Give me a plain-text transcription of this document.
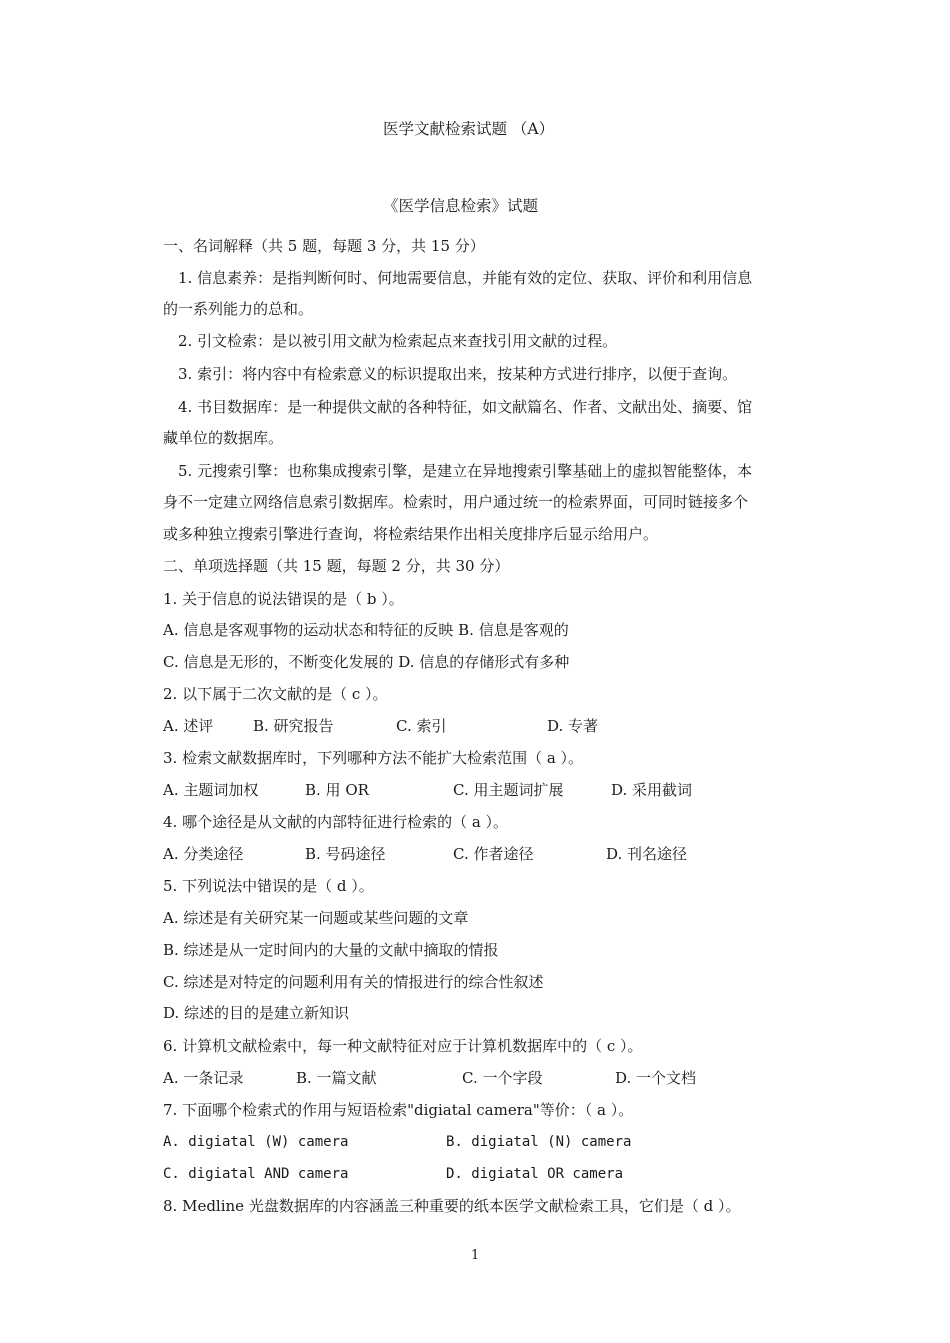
医学文献检索试题 （A）
《医学信息检索》试题
一、名词解释（共 5 题，每题 3 分，共 15 分）
1. 信息素养：是指判断何时、何地需要信息，并能有效的定位、获取、评价和利用信息
的一系列能力的总和。
2. 引文检索：是以被引用文献为检索起点来查找引用文献的过程。
3. 索引：将内容中有检索意义的标识提取出来，按某种方式进行排序，以便于查询。
4. 书目数据库：是一种提供文献的各种特征，如文献篇名、作者、文献出处、摘要、馆
藏单位的数据库。
5. 元搜索引擎：也称集成搜索引擎，是建立在异地搜索引擎基础上的虚拟智能整体，本
身不一定建立网络信息索引数据库。检索时，用户通过统一的检索界面，可同时链接多个
或多种独立搜索引擎进行查询，将检索结果作出相关度排序后显示给用户。
二、单项选择题（共 15 题，每题 2 分，共 30 分）
1. 关于信息的说法错误的是（ b ）。
A. 信息是客观事物的运动状态和特征的反映 B. 信息是客观的
C. 信息是无形的，不断变化发展的 D. 信息的存储形式有多种
2. 以下属于二次文献的是（ c ）。
A. 述评	B. 研究报告	C. 索引	D. 专著
3. 检索文献数据库时，下列哪种方法不能扩大检索范围（ a ）。
A. 主题词加权	B. 用 OR	C. 用主题词扩展	D. 采用截词
4. 哪个途径是从文献的内部特征进行检索的（ a ）。
A. 分类途径	B. 号码途径	C. 作者途径	D. 刊名途径
5. 下列说法中错误的是（ d ）。
A. 综述是有关研究某一问题或某些问题的文章
B. 综述是从一定时间内的大量的文献中摘取的情报
C. 综述是对特定的问题利用有关的情报进行的综合性叙述
D. 综述的目的是建立新知识
6. 计算机文献检索中，每一种文献特征对应于计算机数据库中的（ c ）。
A. 一条记录	B. 一篇文献	C. 一个字段	D. 一个文档
7. 下面哪个检索式的作用与短语检索"digiatal camera"等价：（ a ）。
A. digiatal (W) camera	B. digiatal (N) camera
C. digiatal AND camera	D. digiatal OR camera
8. Medline 光盘数据库的内容涵盖三种重要的纸本医学文献检索工具，它们是（ d ）。
1
